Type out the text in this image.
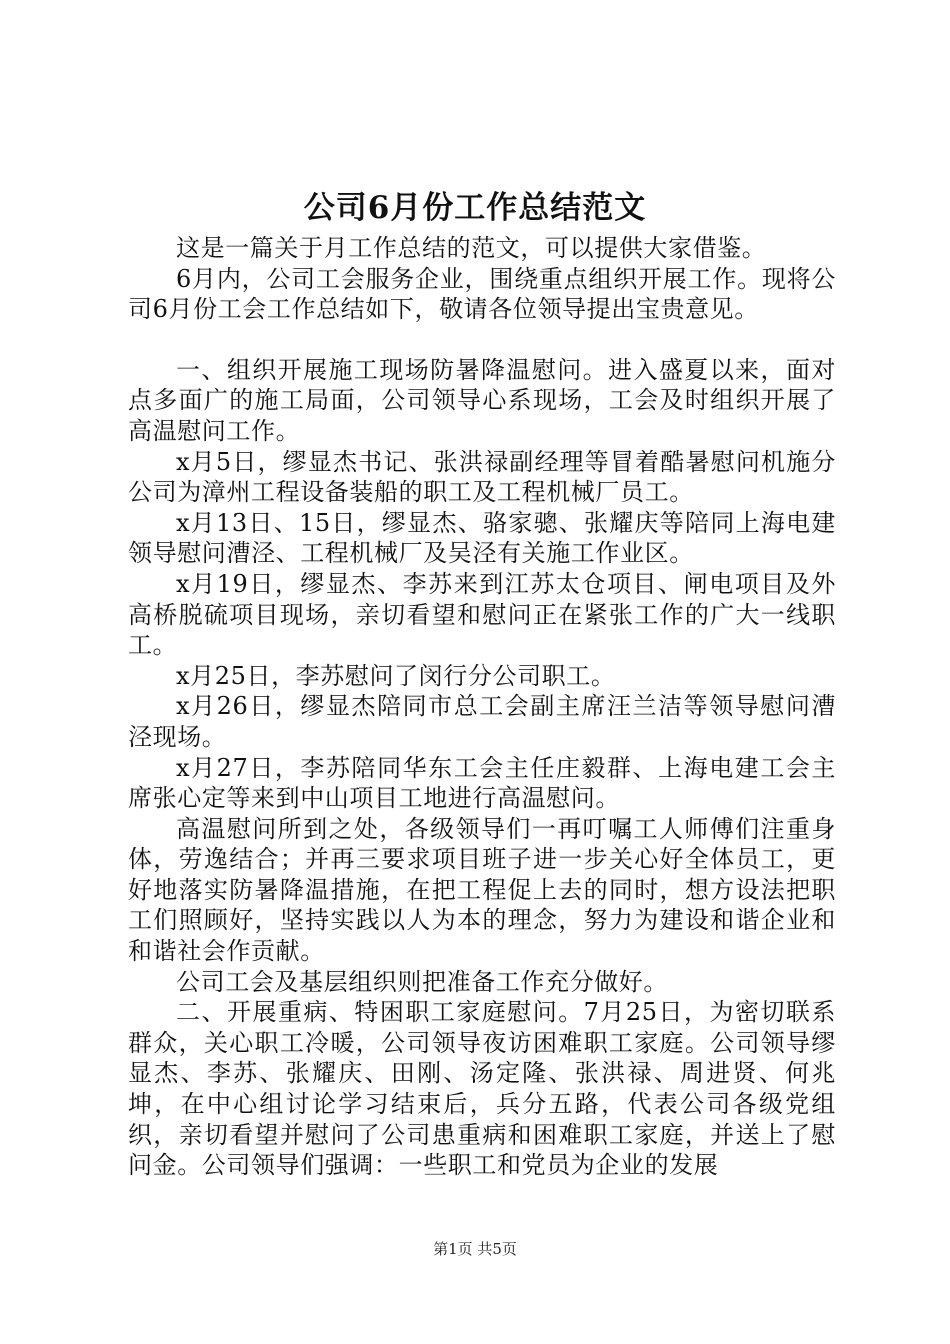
公司6月份工作总结范文

这是一篇关于月工作总结的范文，可以提供大家借鉴。

6月内，公司工会服务企业，围绕重点组织开展工作。现将公司6月份工会工作总结如下，敬请各位领导提出宝贵意见。

一、组织开展施工现场防暑降温慰问。进入盛夏以来，面对点多面广的施工局面，公司领导心系现场，工会及时组织开展了高温慰问工作。

x月5日，缪显杰书记、张洪禄副经理等冒着酷暑慰问机施分公司为漳州工程设备装船的职工及工程机械厂员工。

x月13日、15日，缪显杰、骆家骢、张耀庆等陪同上海电建领导慰问漕泾、工程机械厂及吴泾有关施工作业区。

x月19日，缪显杰、李苏来到江苏太仓项目、闸电项目及外高桥脱硫项目现场，亲切看望和慰问正在紧张工作的广大一线职工。

x月25日，李苏慰问了闵行分公司职工。

x月26日，缪显杰陪同市总工会副主席汪兰洁等领导慰问漕泾现场。

x月27日，李苏陪同华东工会主任庄毅群、上海电建工会主席张心定等来到中山项目工地进行高温慰问。

高温慰问所到之处，各级领导们一再叮嘱工人师傅们注重身体，劳逸结合；并再三要求项目班子进一步关心好全体员工，更好地落实防暑降温措施，在把工程促上去的同时，想方设法把职工们照顾好，坚持实践以人为本的理念，努力为建设和谐企业和和谐社会作贡献。

公司工会及基层组织则把准备工作充分做好。

二、开展重病、特困职工家庭慰问。7月25日，为密切联系群众，关心职工冷暖，公司领导夜访困难职工家庭。公司领导缪显杰、李苏、张耀庆、田刚、汤定隆、张洪禄、周进贤、何兆坤，在中心组讨论学习结束后，兵分五路，代表公司各级党组织，亲切看望并慰问了公司患重病和困难职工家庭，并送上了慰问金。公司领导们强调：一些职工和党员为企业的发展

第1页 共5页
